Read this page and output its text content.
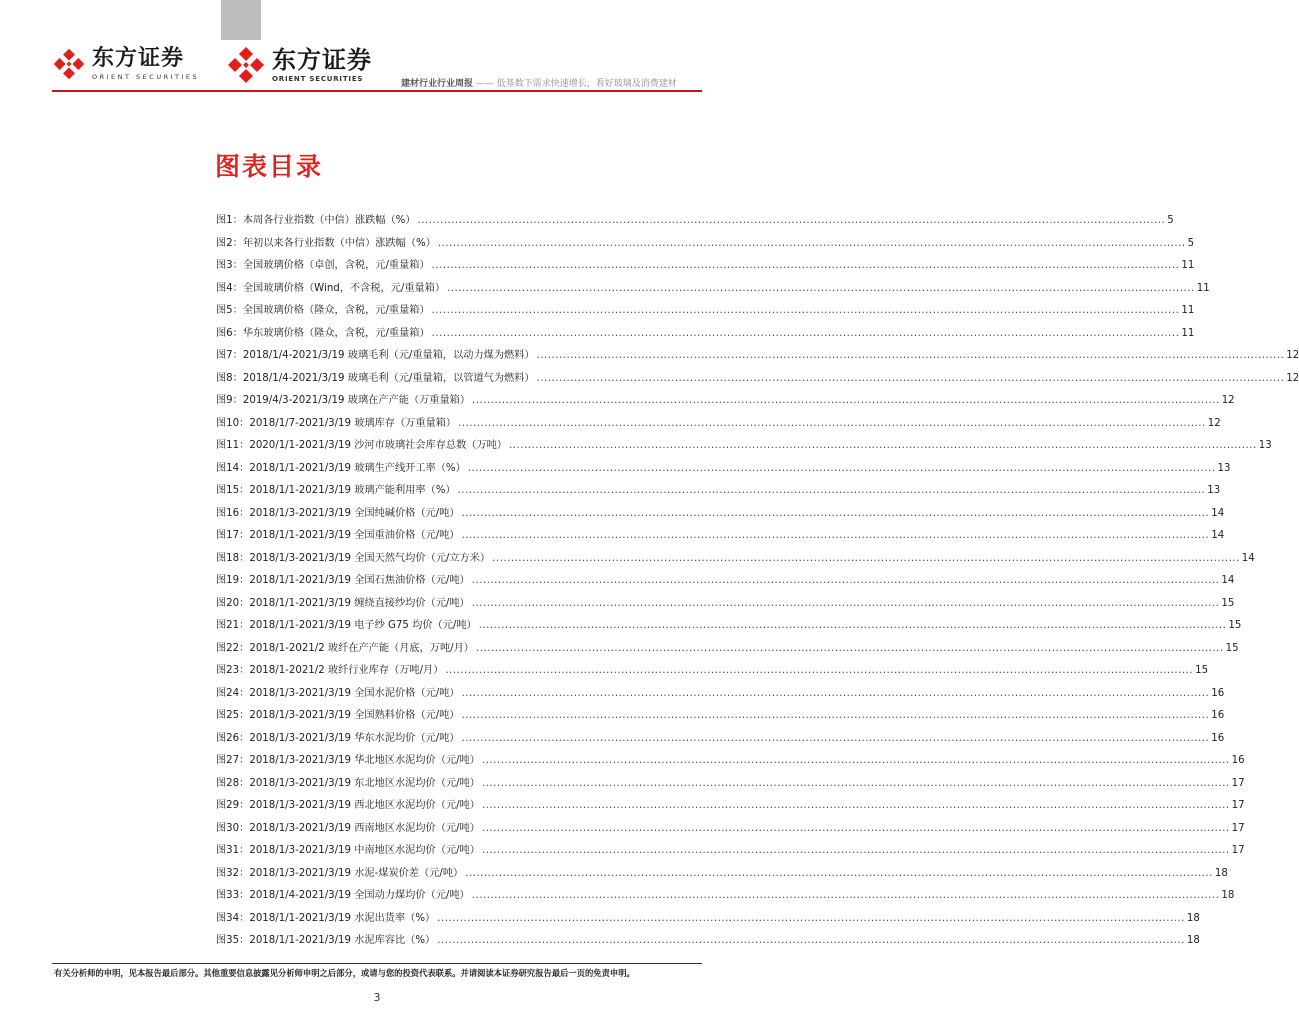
东方证券
ORIENT SECURITIES
东方证券
ORIENT SECURITIES
建材行业行业周报 —— 低基数下需求快速增长，看好玻璃及消费建材
图表目录
图1：本周各行业指数（中信）涨跌幅（%） ........................................................................................................................................................................................................ 5
图2：年初以来各行业指数（中信）涨跌幅（%） ........................................................................................................................................................................................................ 5
图3：全国玻璃价格（卓创，含税，元/重量箱） ........................................................................................................................................................................................................ 11
图4：全国玻璃价格（Wind，不含税，元/重量箱） ........................................................................................................................................................................................................ 11
图5：全国玻璃价格（隆众，含税，元/重量箱） ........................................................................................................................................................................................................ 11
图6：华东玻璃价格（隆众，含税，元/重量箱） ........................................................................................................................................................................................................ 11
图7：2018/1/4-2021/3/19 玻璃毛利（元/重量箱，以动力煤为燃料） ........................................................................................................................................................................................................ 12
图8：2018/1/4-2021/3/19 玻璃毛利（元/重量箱，以管道气为燃料） ........................................................................................................................................................................................................ 12
图9：2019/4/3-2021/3/19 玻璃在产产能（万重量箱） ........................................................................................................................................................................................................ 12
图10：2018/1/7-2021/3/19 玻璃库存（万重量箱） ........................................................................................................................................................................................................ 12
图11：2020/1/1-2021/3/19 沙河市玻璃社会库存总数（万吨） ........................................................................................................................................................................................................ 13
图14：2018/1/1-2021/3/19 玻璃生产线开工率（%） ........................................................................................................................................................................................................ 13
图15：2018/1/1-2021/3/19 玻璃产能利用率（%） ........................................................................................................................................................................................................ 13
图16：2018/1/3-2021/3/19 全国纯碱价格（元/吨） ........................................................................................................................................................................................................ 14
图17：2018/1/1-2021/3/19 全国重油价格（元/吨） ........................................................................................................................................................................................................ 14
图18：2018/1/3-2021/3/19 全国天然气均价（元/立方米） ........................................................................................................................................................................................................ 14
图19：2018/1/1-2021/3/19 全国石焦油价格（元/吨） ........................................................................................................................................................................................................ 14
图20：2018/1/1-2021/3/19 缠绕直接纱均价（元/吨） ........................................................................................................................................................................................................ 15
图21：2018/1/1-2021/3/19 电子纱 G75 均价（元/吨） ........................................................................................................................................................................................................ 15
图22：2018/1-2021/2 玻纤在产产能（月底，万吨/月） ........................................................................................................................................................................................................ 15
图23：2018/1-2021/2 玻纤行业库存（万吨/月） ........................................................................................................................................................................................................ 15
图24：2018/1/3-2021/3/19 全国水泥价格（元/吨） ........................................................................................................................................................................................................ 16
图25：2018/1/3-2021/3/19 全国熟料价格（元/吨） ........................................................................................................................................................................................................ 16
图26：2018/1/3-2021/3/19 华东水泥均价（元/吨） ........................................................................................................................................................................................................ 16
图27：2018/1/3-2021/3/19 华北地区水泥均价（元/吨） ........................................................................................................................................................................................................ 16
图28：2018/1/3-2021/3/19 东北地区水泥均价（元/吨） ........................................................................................................................................................................................................ 17
图29：2018/1/3-2021/3/19 西北地区水泥均价（元/吨） ........................................................................................................................................................................................................ 17
图30：2018/1/3-2021/3/19 西南地区水泥均价（元/吨） ........................................................................................................................................................................................................ 17
图31：2018/1/3-2021/3/19 中南地区水泥均价（元/吨） ........................................................................................................................................................................................................ 17
图32：2018/1/3-2021/3/19 水泥-煤炭价差（元/吨） ........................................................................................................................................................................................................ 18
图33：2018/1/4-2021/3/19 全国动力煤均价（元/吨） ........................................................................................................................................................................................................ 18
图34：2018/1/1-2021/3/19 水泥出货率（%） ........................................................................................................................................................................................................ 18
图35：2018/1/1-2021/3/19 水泥库容比（%） ........................................................................................................................................................................................................ 18
有关分析师的申明，见本报告最后部分。其他重要信息披露见分析师申明之后部分，或请与您的投资代表联系。并请阅读本证券研究报告最后一页的免责申明。
3
